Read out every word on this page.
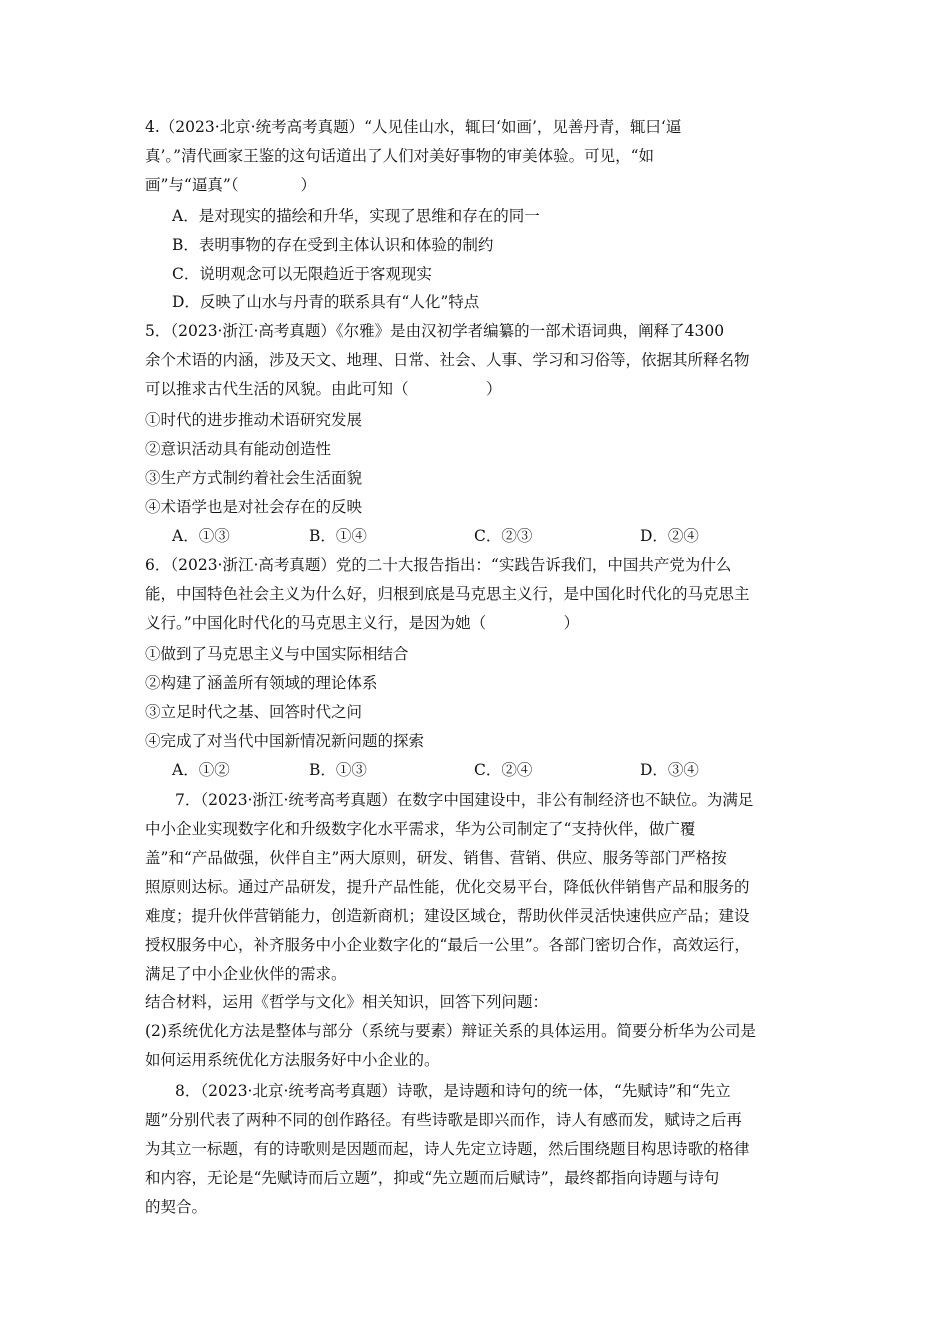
4.（2023·北京·统考高考真题）“人见佳山水，辄曰‘如画’，见善丹青，辄曰‘逼
真’。”清代画家王鉴的这句话道出了人们对美好事物的审美体验。可见，“如
画”与“逼真”（　　　　）
A．是对现实的描绘和升华，实现了思维和存在的同一
B．表明事物的存在受到主体认识和体验的制约
C．说明观念可以无限趋近于客观现实
D．反映了山水与丹青的联系具有“人化”特点
5．（2023·浙江·高考真题）《尔雅》是由汉初学者编纂的一部术语词典，阐释了4300
余个术语的内涵，涉及天文、地理、日常、社会、人事、学习和习俗等，依据其所释名物
可以推求古代生活的风貌。由此可知（　　　　　）
①时代的进步推动术语研究发展
②意识活动具有能动创造性
③生产方式制约着社会生活面貌
④术语学也是对社会存在的反映
A．①③	B．①④	C．②③	D．②④
6．（2023·浙江·高考真题）党的二十大报告指出：“实践告诉我们，中国共产党为什么
能，中国特色社会主义为什么好，归根到底是马克思主义行，是中国化时代化的马克思主
义行。”中国化时代化的马克思主义行，是因为她（　　　　　）
①做到了马克思主义与中国实际相结合
②构建了涵盖所有领域的理论体系
③立足时代之基、回答时代之问
④完成了对当代中国新情况新问题的探索
A．①②	B．①③	C．②④	D．③④
7．（2023·浙江·统考高考真题）在数字中国建设中，非公有制经济也不缺位。为满足
中小企业实现数字化和升级数字化水平需求，华为公司制定了“支持伙伴，做广覆
盖”和“产品做强，伙伴自主”两大原则，研发、销售、营销、供应、服务等部门严格按
照原则达标。通过产品研发，提升产品性能，优化交易平台，降低伙伴销售产品和服务的
难度；提升伙伴营销能力，创造新商机；建设区域仓，帮助伙伴灵活快速供应产品；建设
授权服务中心，补齐服务中小企业数字化的“最后一公里”。各部门密切合作，高效运行，
满足了中小企业伙伴的需求。
结合材料，运用《哲学与文化》相关知识，回答下列问题：
(2)系统优化方法是整体与部分（系统与要素）辩证关系的具体运用。简要分析华为公司是
如何运用系统优化方法服务好中小企业的。
8．（2023·北京·统考高考真题）诗歌，是诗题和诗句的统一体，“先赋诗”和“先立
题”分别代表了两种不同的创作路径。有些诗歌是即兴而作，诗人有感而发，赋诗之后再
为其立一标题，有的诗歌则是因题而起，诗人先定立诗题，然后围绕题目构思诗歌的格律
和内容，无论是“先赋诗而后立题”，抑或“先立题而后赋诗”，最终都指向诗题与诗句
的契合。
